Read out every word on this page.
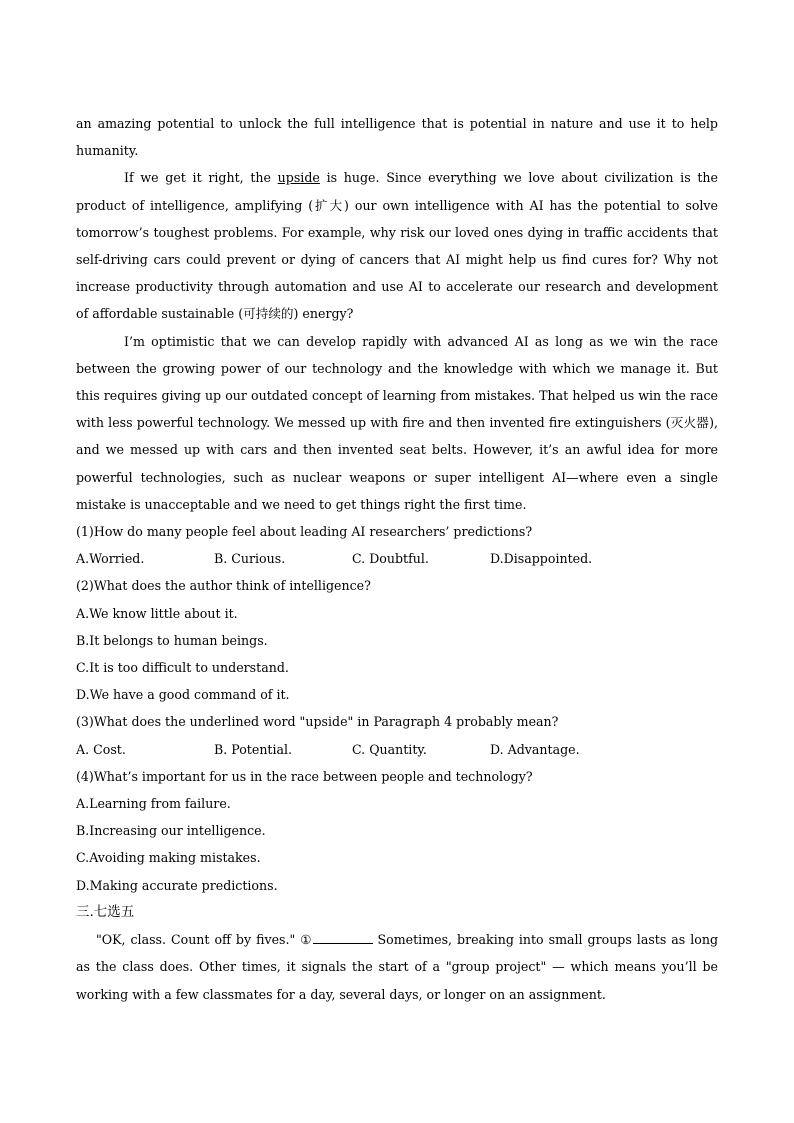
an amazing potential to unlock the full intelligence that is potential in nature and use it to help humanity.

If we get it right, the upside is huge. Since everything we love about civilization is the product of intelligence, amplifying (扩大) our own intelligence with AI has the potential to solve tomorrow’s toughest problems. For example, why risk our loved ones dying in traffic accidents that self-driving cars could prevent or dying of cancers that AI might help us find cures for? Why not increase productivity through automation and use AI to accelerate our research and development of affordable sustainable (可持续的) energy?

I’m optimistic that we can develop rapidly with advanced AI as long as we win the race between the growing power of our technology and the knowledge with which we manage it. But this requires giving up our outdated concept of learning from mistakes. That helped us win the race with less powerful technology. We messed up with fire and then invented fire extinguishers (灭火器), and we messed up with cars and then invented seat belts. However, it’s an awful idea for more powerful technologies, such as nuclear weapons or super intelligent AI—where even a single mistake is unacceptable and we need to get things right the first time.

(1)How do many people feel about leading AI researchers’ predictions?

A.Worried.	B. Curious.	C. Doubtful.	D.Disappointed.

(2)What does the author think of intelligence?

A.We know little about it.

B.It belongs to human beings.

C.It is too difficult to understand.

D.We have a good command of it.

(3)What does the underlined word "upside" in Paragraph 4 probably mean?

A. Cost.	B. Potential.	C. Quantity.	D. Advantage.

(4)What’s important for us in the race between people and technology?

A.Learning from failure.

B.Increasing our intelligence.

C.Avoiding making mistakes.

D.Making accurate predictions.

三.七选五

"OK, class. Count off by fives." ①	Sometimes, breaking into small groups lasts as long as the class does. Other times, it signals the start of a "group project" — which means you’ll be working with a few classmates for a day, several days, or longer on an assignment.
